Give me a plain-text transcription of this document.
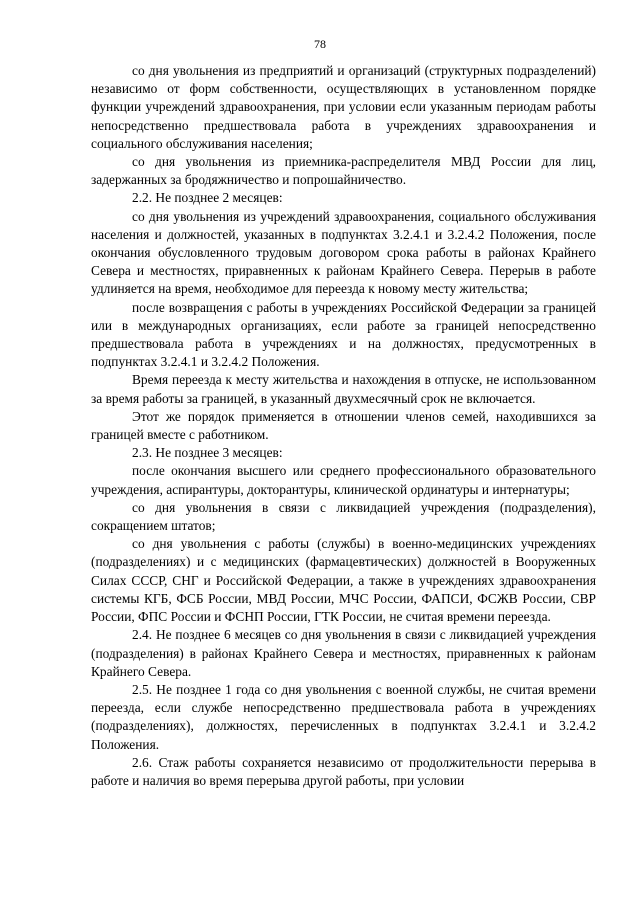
78

со дня увольнения из предприятий и организаций (структурных подразделений) независимо от форм собственности, осуществляющих в установленном порядке функции учреждений здравоохранения, при условии если указанным периодам работы непосредственно предшествовала работа в учреждениях здравоохранения и социального обслуживания населения;

со дня увольнения из приемника-распределителя МВД России для лиц, задержанных за бродяжничество и попрошайничество.

2.2. Не позднее 2 месяцев:

со дня увольнения из учреждений здравоохранения, социального обслуживания населения и должностей, указанных в подпунктах 3.2.4.1 и 3.2.4.2 Положения, после окончания обусловленного трудовым договором срока работы в районах Крайнего Севера и местностях, приравненных к районам Крайнего Севера. Перерыв в работе удлиняется на время, необходимое для переезда к новому месту жительства;

после возвращения с работы в учреждениях Российской Федерации за границей или в международных организациях, если работе за границей непосредственно предшествовала работа в учреждениях и на должностях, предусмотренных в подпунктах 3.2.4.1 и 3.2.4.2 Положения.

Время переезда к месту жительства и нахождения в отпуске, не использованном за время работы за границей, в указанный двухмесячный срок не включается.

Этот же порядок применяется в отношении членов семей, находившихся за границей вместе с работником.

2.3. Не позднее 3 месяцев:

после окончания высшего или среднего профессионального образовательного учреждения, аспирантуры, докторантуры, клинической ординатуры и интернатуры;

со дня увольнения в связи с ликвидацией учреждения (подразделения), сокращением штатов;

со дня увольнения с работы (службы) в военно-медицинских учреждениях (подразделениях) и с медицинских (фармацевтических) должностей в Вооруженных Силах СССР, СНГ и Российской Федерации, а также в учреждениях здравоохранения системы КГБ, ФСБ России, МВД России, МЧС России, ФАПСИ, ФСЖВ России, СВР России, ФПС России и ФСНП России, ГТК России, не считая времени переезда.

2.4. Не позднее 6 месяцев со дня увольнения в связи с ликвидацией учреждения (подразделения) в районах Крайнего Севера и местностях, приравненных к районам Крайнего Севера.

2.5. Не позднее 1 года со дня увольнения с военной службы, не считая времени переезда, если службе непосредственно предшествовала работа в учреждениях (подразделениях), должностях, перечисленных в подпунктах 3.2.4.1 и 3.2.4.2 Положения.

2.6. Стаж работы сохраняется независимо от продолжительности перерыва в работе и наличия во время перерыва другой работы, при условии
